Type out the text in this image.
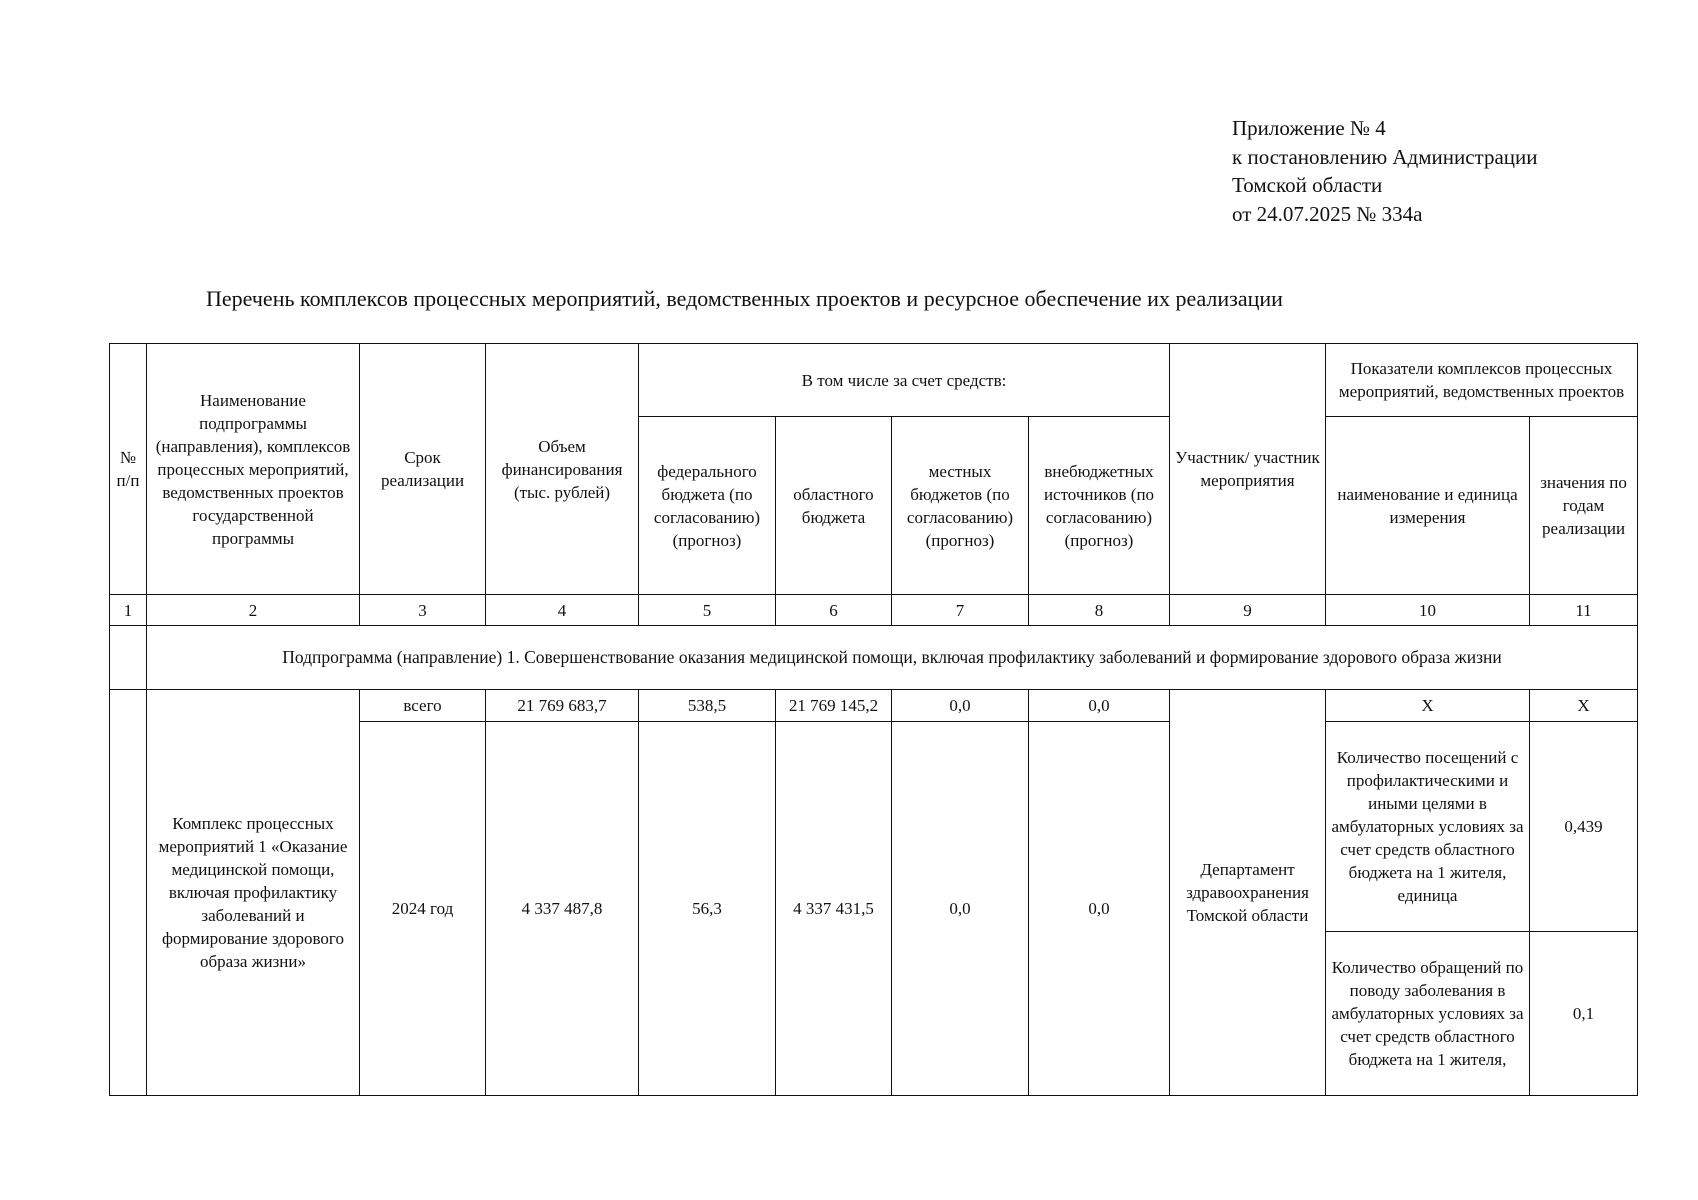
Приложение № 4
к постановлению Администрации
Томской области
от 24.07.2025 № 334а
Перечень комплексов процессных мероприятий, ведомственных проектов и ресурсное обеспечение их реализации
№ п/п	Наименование подпрограммы (направления), комплексов процессных мероприятий, ведомственных проектов государственной программы	Срок реализации	Объем финансирования (тыс. рублей)	В том числе за счет средств:				Участник/ участник мероприятия	Показатели комплексов процессных мероприятий, ведомственных проектов	
				федерального бюджета (по согласованию) (прогноз)	областного бюджета	местных бюджетов (по согласованию) (прогноз)	внебюджетных источников (по согласованию) (прогноз)		наименование и единица измерения	значения по годам реализации
1	2	3	4	5	6	7	8	9	10	11
	Подпрограмма (направление) 1. Совершенствование оказания медицинской помощи, включая профилактику заболеваний и формирование здорового образа жизни									
	Комплекс процессных мероприятий 1 «Оказание медицинской помощи, включая профилактику заболеваний и формирование здорового образа жизни»	всего	21 769 683,7	538,5	21 769 145,2	0,0	0,0	Департамент здравоохранения Томской области	Х	Х
		2024 год	4 337 487,8	56,3	4 337 431,5	0,0	0,0		Количество посещений с профилактическими и иными целями в амбулаторных условиях за счет средств областного бюджета на 1 жителя, единица	0,439
									Количество обращений по поводу заболевания в амбулаторных условиях за счет средств областного бюджета на 1 жителя,	0,1
